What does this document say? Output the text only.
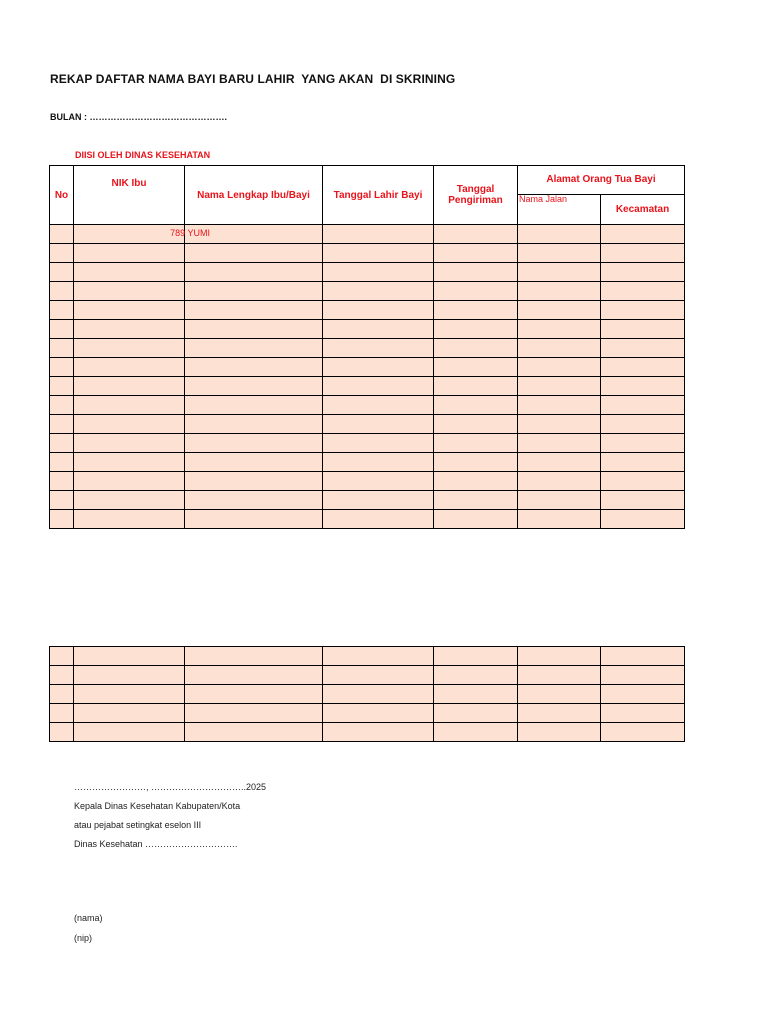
REKAP DAFTAR NAMA BAYI BARU LAHIR  YANG AKAN  DI SKRINING
BULAN : ……………………………………….
DIISI OLEH DINAS KESEHATAN
No	NIK Ibu	Nama Lengkap Ibu/Bayi	Tanggal Lahir Bayi	Tanggal Pengiriman	Alamat Orang Tua Bayi	
					Nama Jalan	Kecamatan

	789 YUMI					

……………………, …………………………..2025
Kepala Dinas Kesehatan Kabupaten/Kota
atau pejabat setingkat eselon III
Dinas Kesehatan ………………………….
(nama)
(nip)
